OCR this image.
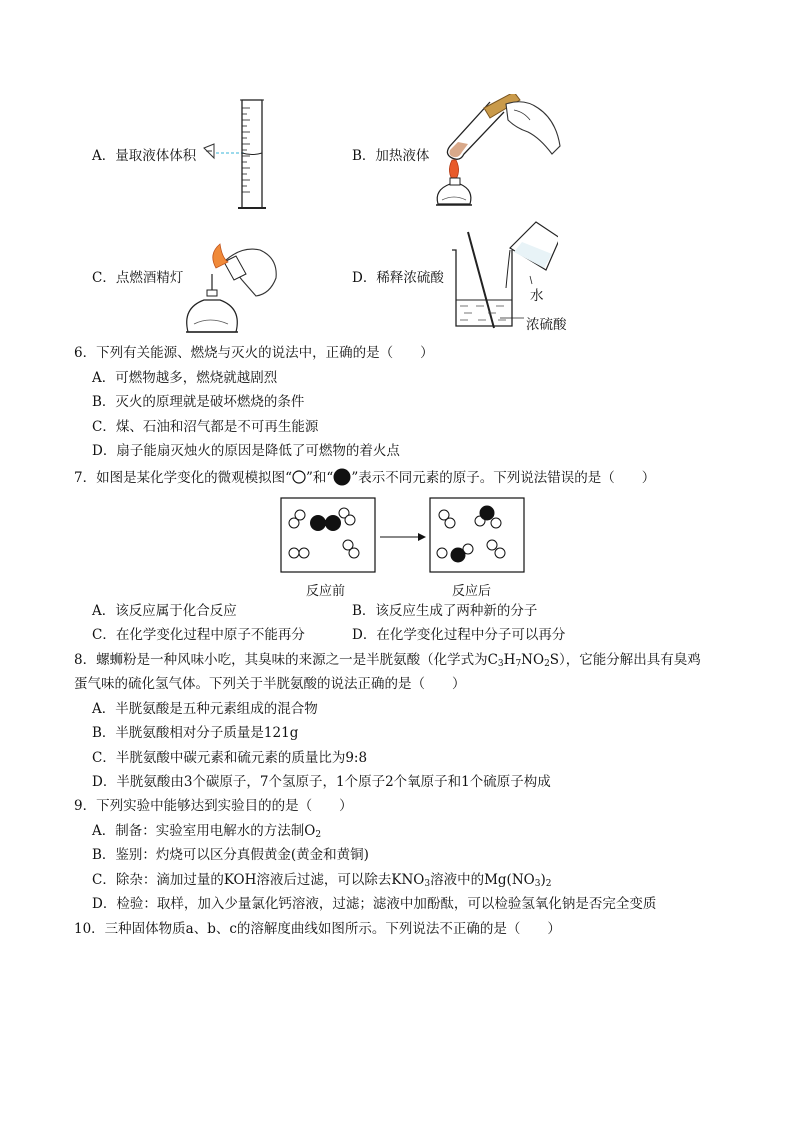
A．量取液体体积	B．加热液体
C．点燃酒精灯	D．稀释浓硫酸
水
浓硫酸
6．下列有关能源、燃烧与灭火的说法中，正确的是（　　）
A．可燃物越多，燃烧就越剧烈
B．灭火的原理就是破坏燃烧的条件
C．煤、石油和沼气都是不可再生能源
D．扇子能扇灭烛火的原因是降低了可燃物的着火点
7．如图是某化学变化的微观模拟图“ ”和“ ”表示不同元素的原子。下列说法错误的是（　　）
反应前	反应后
A．该反应属于化合反应	B．该反应生成了两种新的分子
C．在化学变化过程中原子不能再分	D．在化学变化过程中分子可以再分
8．螺蛳粉是一种风味小吃，其臭味的来源之一是半胱氨酸（化学式为$C_3H_7NO_2S$），它能分解出具有臭鸡
蛋气味的硫化氢气体。下列关于半胱氨酸的说法正确的是（　　）
A．半胱氨酸是五种元素组成的混合物
B．半胱氨酸相对分子质量是121g
C．半胱氨酸中碳元素和硫元素的质量比为9:8
D．半胱氨酸由3个碳原子，7个氢原子，1个原子2个氧原子和1个硫原子构成
9．下列实验中能够达到实验目的的是（　　）
A．制备：实验室用电解水的方法制$O_2$
B．鉴别：灼烧可以区分真假黄金(黄金和黄铜)
C．除杂：滴加过量的KOH溶液后过滤，可以除去$KNO_3$溶液中的$Mg(NO_3)_2$
D．检验：取样，加入少量氯化钙溶液，过滤；滤液中加酚酞，可以检验氢氧化钠是否完全变质
10．三种固体物质a、b、c的溶解度曲线如图所示。下列说法不正确的是（　　）
